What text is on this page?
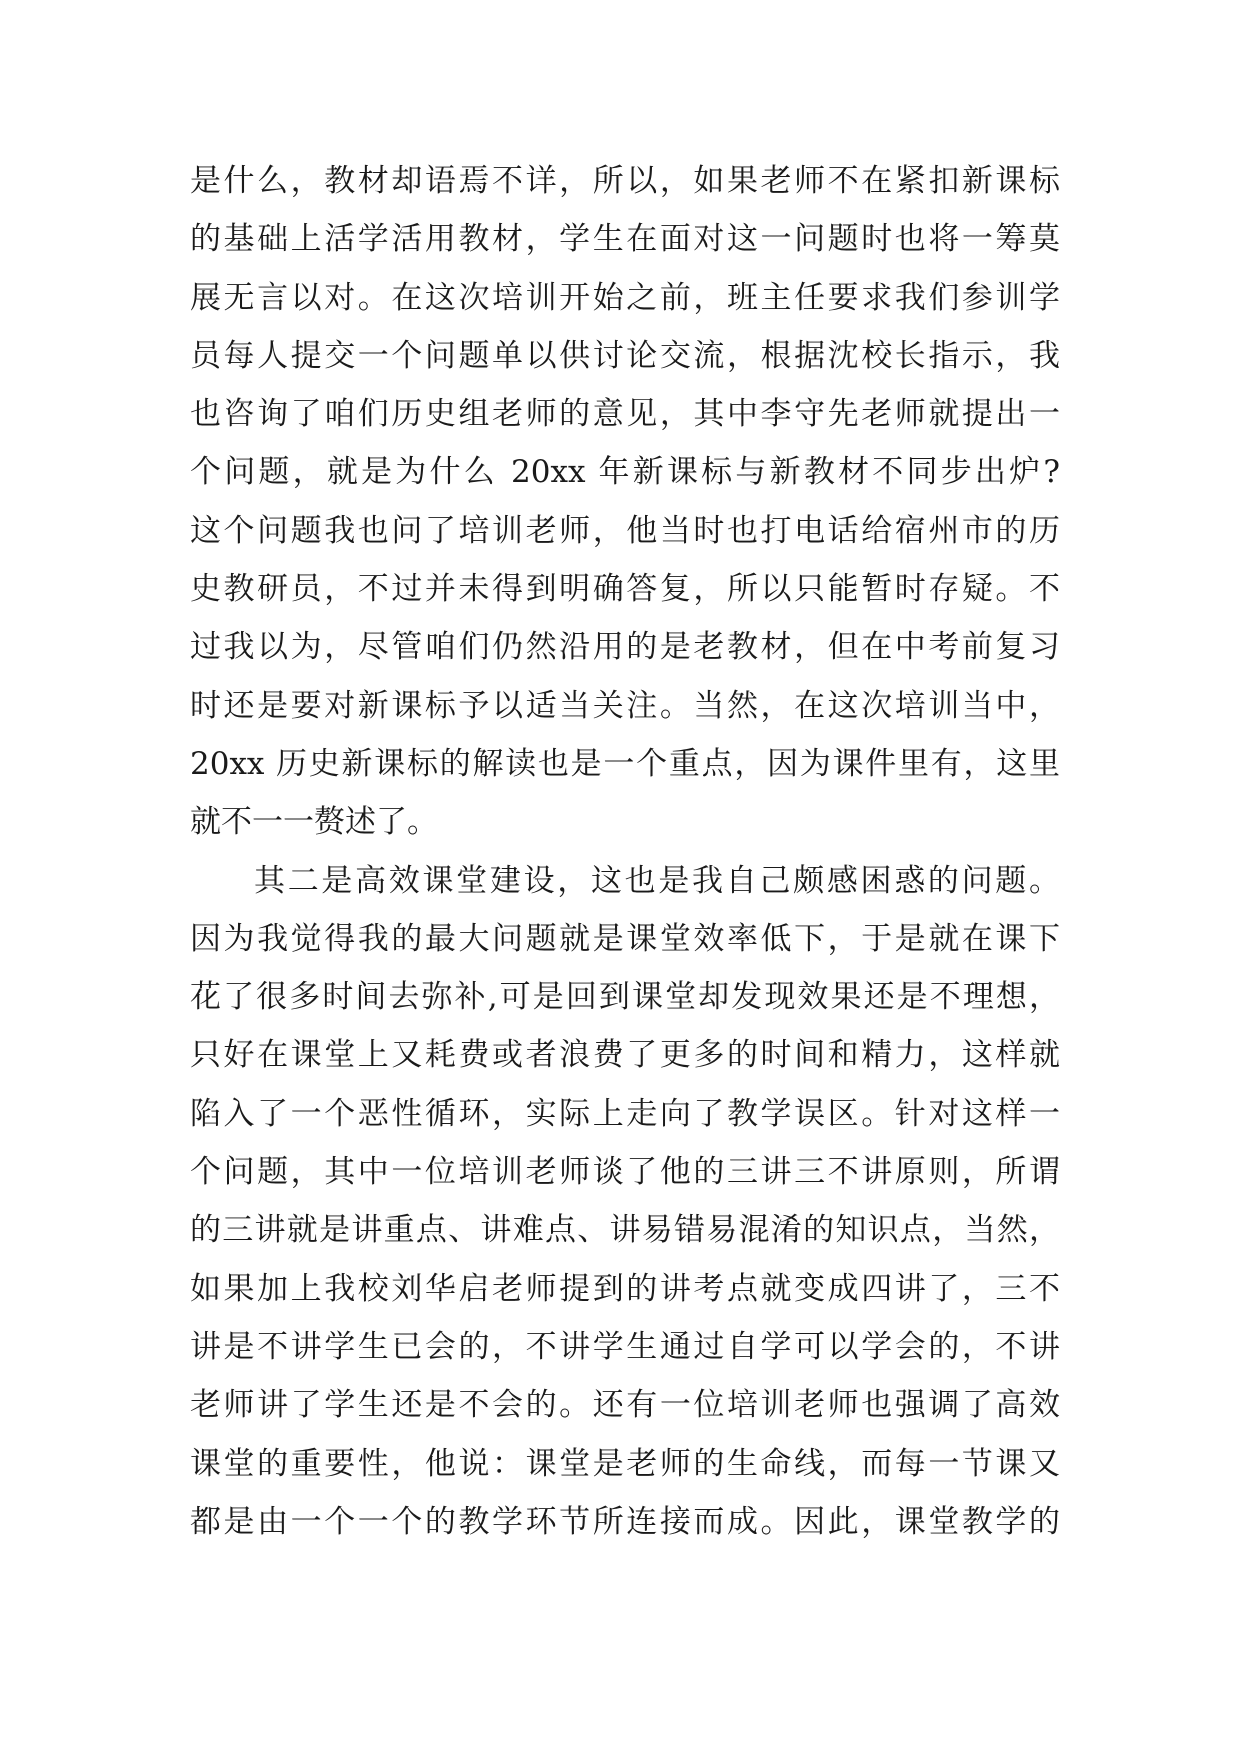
是什么，教材却语焉不详，所以，如果老师不在紧扣新课标
的基础上活学活用教材，学生在面对这一问题时也将一筹莫
展无言以对。在这次培训开始之前，班主任要求我们参训学
员每人提交一个问题单以供讨论交流，根据沈校长指示，我
也咨询了咱们历史组老师的意见，其中李守先老师就提出一
个问题，就是为什么 20xx 年新课标与新教材不同步出炉?
这个问题我也问了培训老师，他当时也打电话给宿州市的历
史教研员，不过并未得到明确答复，所以只能暂时存疑。不
过我以为，尽管咱们仍然沿用的是老教材，但在中考前复习
时还是要对新课标予以适当关注。当然，在这次培训当中，
20xx 历史新课标的解读也是一个重点，因为课件里有，这里
就不一一赘述了。
其二是高效课堂建设，这也是我自己颇感困惑的问题。
因为我觉得我的最大问题就是课堂效率低下，于是就在课下
花了很多时间去弥补,可是回到课堂却发现效果还是不理想，
只好在课堂上又耗费或者浪费了更多的时间和精力，这样就
陷入了一个恶性循环，实际上走向了教学误区。针对这样一
个问题，其中一位培训老师谈了他的三讲三不讲原则，所谓
的三讲就是讲重点、讲难点、讲易错易混淆的知识点，当然，
如果加上我校刘华启老师提到的讲考点就变成四讲了，三不
讲是不讲学生已会的，不讲学生通过自学可以学会的，不讲
老师讲了学生还是不会的。还有一位培训老师也强调了高效
课堂的重要性，他说：课堂是老师的生命线，而每一节课又
都是由一个一个的教学环节所连接而成。因此，课堂教学的
